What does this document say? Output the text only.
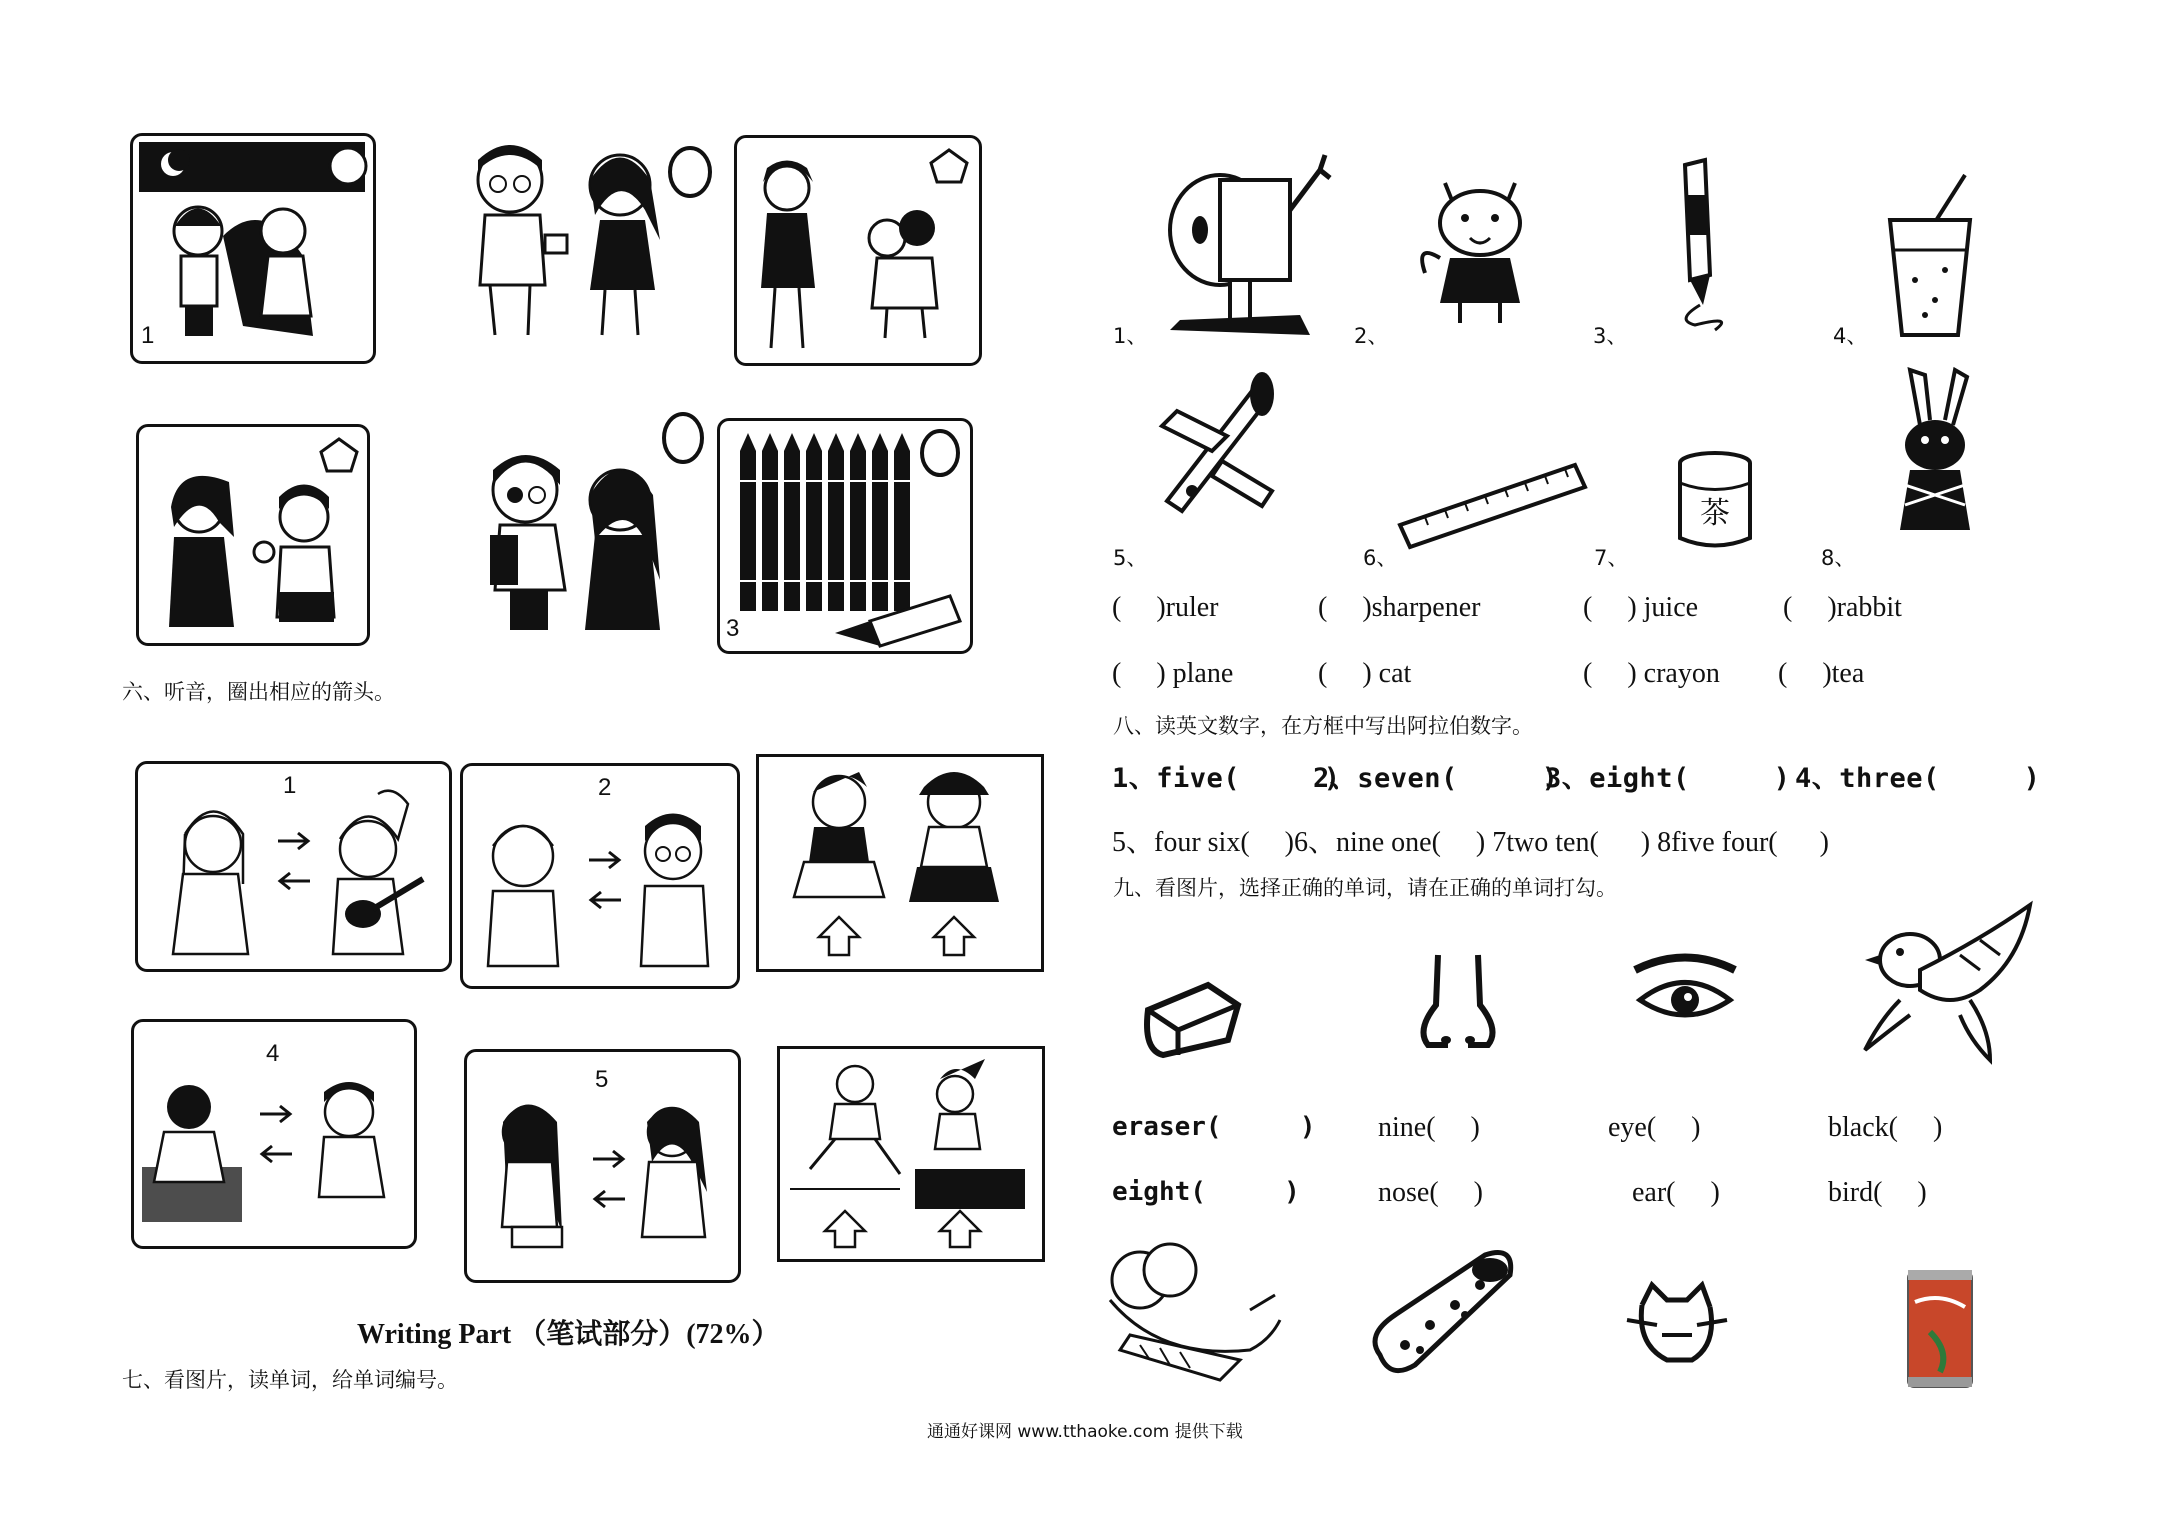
1
3
六、听音，圈出相应的箭头。
1	2
4
5
Writing Part （笔试部分）(72%）
七、看图片，读单词，给单词编号。
1、	2、	3、	4、
5、	6、	7、
茶
8、
(     )ruler	(     )sharpener	(     ) juice	(     )rabbit
(     ) plane	(     ) cat	(     ) crayon (     )tea
八、读英文数字，在方框中写出阿拉伯数字。
1、five(     )
2、seven(     )
3、eight(     ) 4、three(     )
5、four six(     )6、nine one(     ) 7two ten(      ) 8five four(      )
九、看图片，选择正确的单词，请在正确的单词打勾。
eraser(     ) nine(     )	eye(     )	black(     )
eight(     )	nose(     )	ear(     )	bird(     )
通通好课网 www.tthaoke.com 提供下载
